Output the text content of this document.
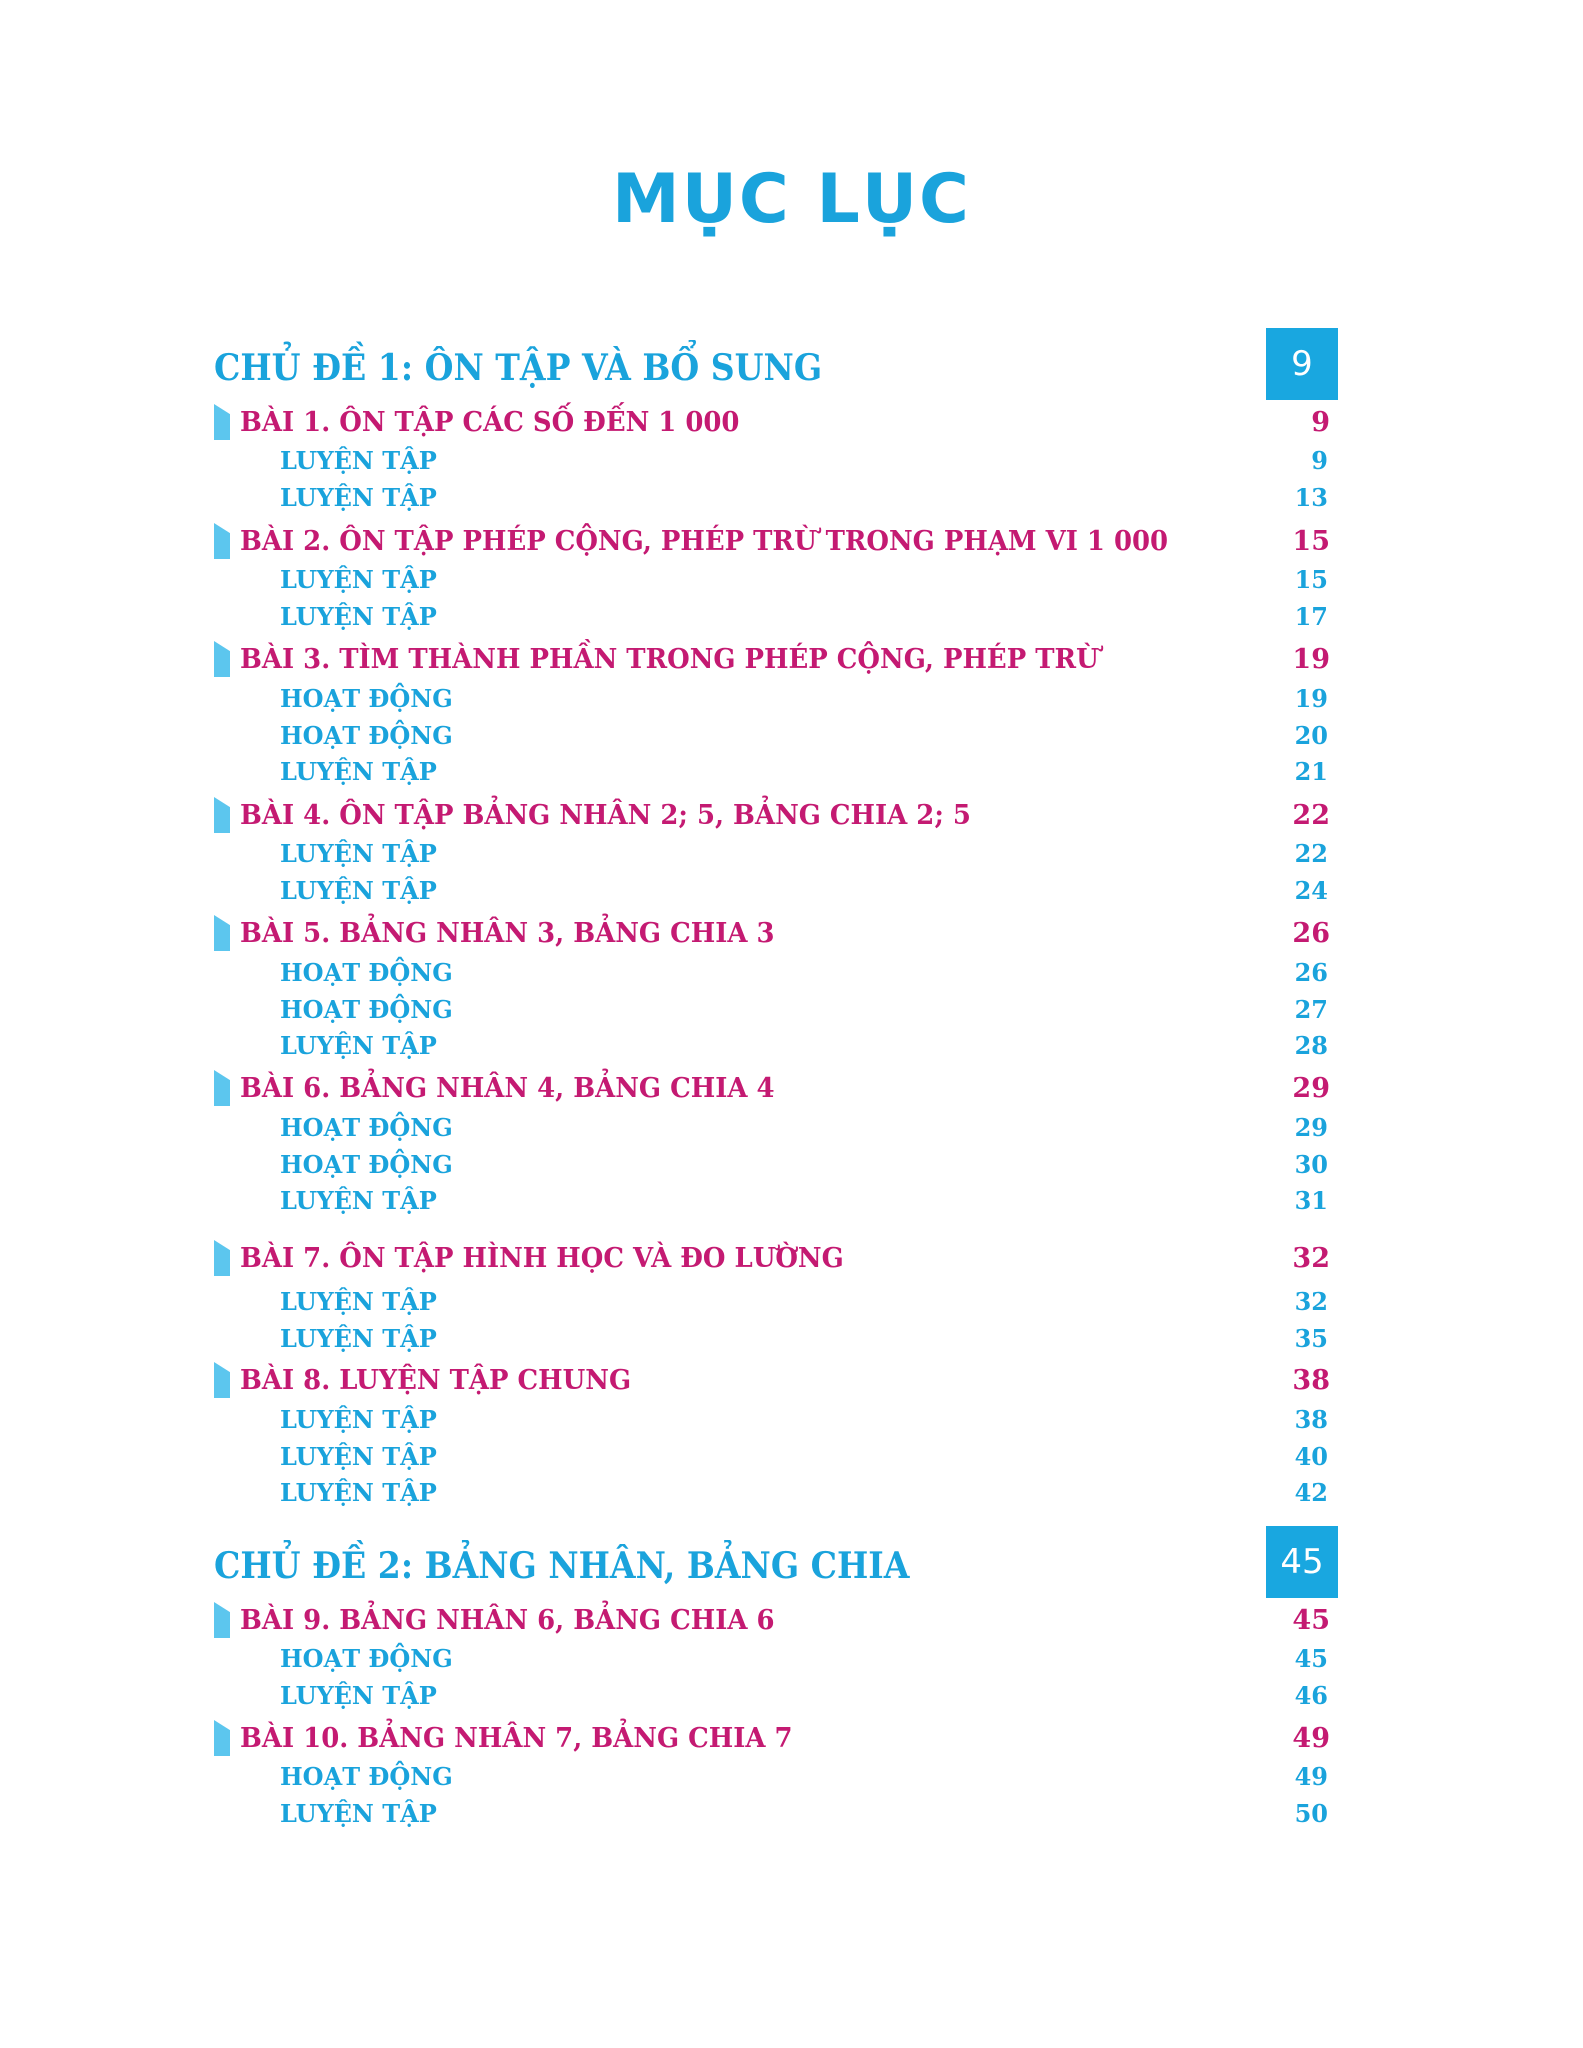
MỤC LỤC
CHỦ ĐỀ 1: ÔN TẬP VÀ BỔ SUNG	9
BÀI 1. ÔN TẬP CÁC SỐ ĐẾN 1 000	9
LUYỆN TẬP	9
LUYỆN TẬP	13
BÀI 2. ÔN TẬP PHÉP CỘNG, PHÉP TRỪ TRONG PHẠM VI 1 000	15
LUYỆN TẬP	15
LUYỆN TẬP	17
BÀI 3. TÌM THÀNH PHẦN TRONG PHÉP CỘNG, PHÉP TRỪ	19
HOẠT ĐỘNG	19
HOẠT ĐỘNG	20
LUYỆN TẬP	21
BÀI 4. ÔN TẬP BẢNG NHÂN 2; 5, BẢNG CHIA 2; 5	22
LUYỆN TẬP	22
LUYỆN TẬP	24
BÀI 5. BẢNG NHÂN 3, BẢNG CHIA 3	26
HOẠT ĐỘNG	26
HOẠT ĐỘNG	27
LUYỆN TẬP	28
BÀI 6. BẢNG NHÂN 4, BẢNG CHIA 4	29
HOẠT ĐỘNG	29
HOẠT ĐỘNG	30
LUYỆN TẬP	31
BÀI 7. ÔN TẬP HÌNH HỌC VÀ ĐO LƯỜNG	32
LUYỆN TẬP	32
LUYỆN TẬP	35
BÀI 8. LUYỆN TẬP CHUNG	38
LUYỆN TẬP	38
LUYỆN TẬP	40
LUYỆN TẬP	42
CHỦ ĐỀ 2: BẢNG NHÂN, BẢNG CHIA	45
BÀI 9. BẢNG NHÂN 6, BẢNG CHIA 6	45
HOẠT ĐỘNG	45
LUYỆN TẬP	46
BÀI 10. BẢNG NHÂN 7, BẢNG CHIA 7	49
HOẠT ĐỘNG	49
LUYỆN TẬP	50
